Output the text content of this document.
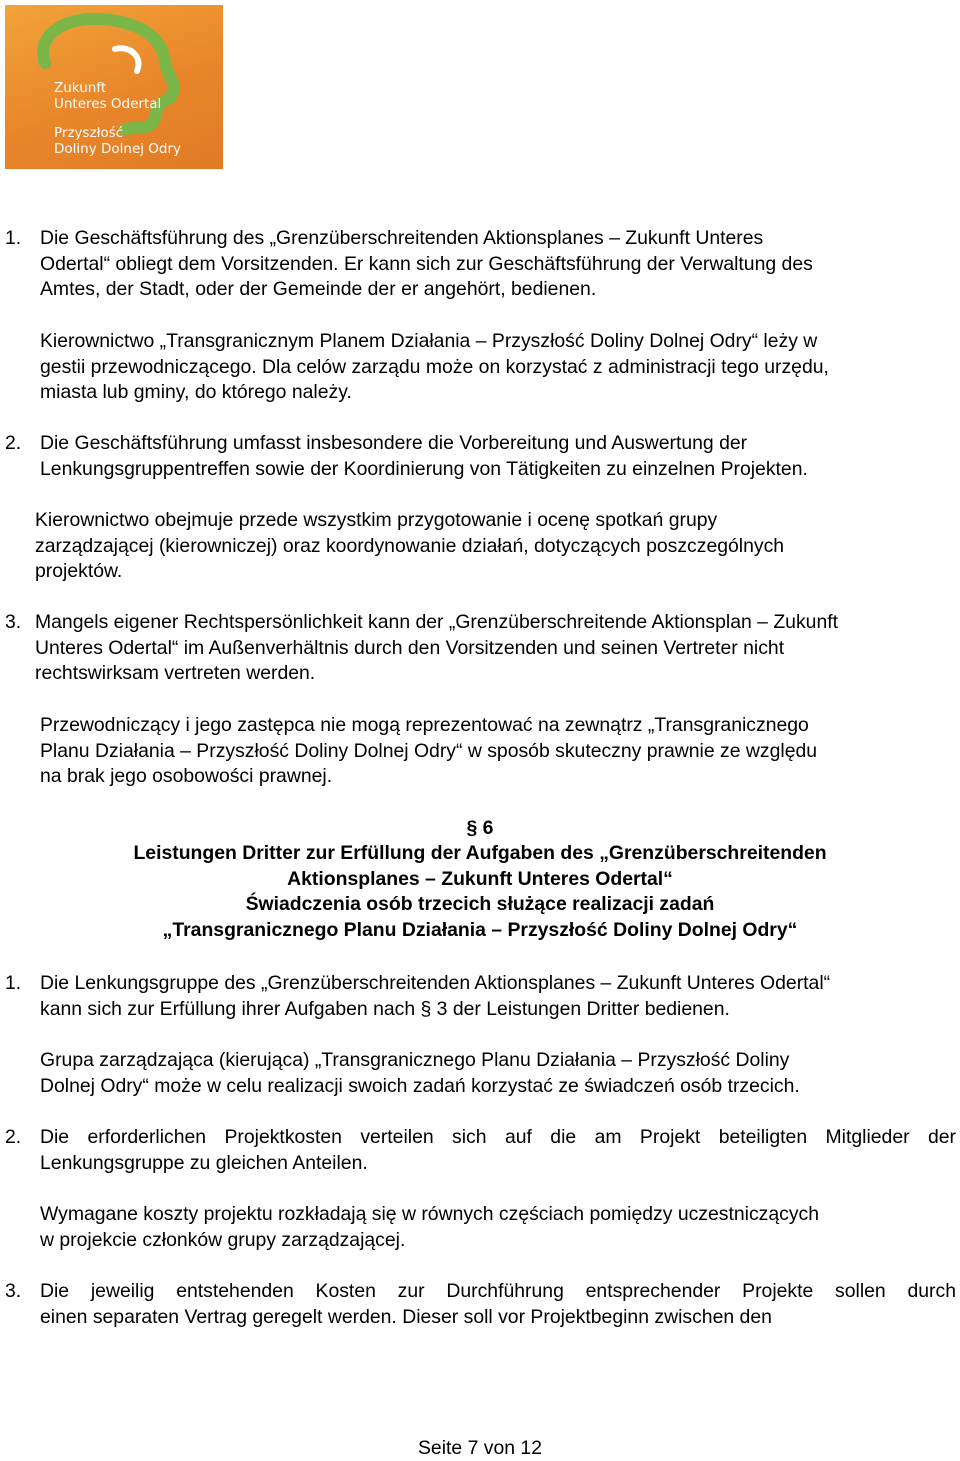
Zukunft
Unteres Odertal
Przyszłość
Doliny Dolnej Odry
1. Die Geschäftsführung des „Grenzüberschreitenden Aktionsplanes – Zukunft Unteres
Odertal“ obliegt dem Vorsitzenden. Er kann sich zur Geschäftsführung der Verwaltung des
Amtes, der Stadt, oder der Gemeinde der er angehört, bedienen.
Kierownictwo „Transgranicznym Planem Działania – Przyszłość Doliny Dolnej Odry“ leży w
gestii przewodniczącego. Dla celów zarządu może on korzystać z administracji tego urzędu,
miasta lub gminy, do którego należy.
2. Die Geschäftsführung umfasst insbesondere die Vorbereitung und Auswertung der
Lenkungsgruppentreffen sowie der Koordinierung von Tätigkeiten zu einzelnen Projekten.
Kierownictwo obejmuje przede wszystkim przygotowanie i ocenę spotkań grupy
zarządzającej (kierowniczej) oraz koordynowanie działań, dotyczących poszczególnych
projektów.
3. Mangels eigener Rechtspersönlichkeit kann der „Grenzüberschreitende Aktionsplan – Zukunft
Unteres Odertal“ im Außenverhältnis durch den Vorsitzenden und seinen Vertreter nicht
rechtswirksam vertreten werden.
Przewodniczący i jego zastępca nie mogą reprezentować na zewnątrz „Transgranicznego
Planu Działania – Przyszłość Doliny Dolnej Odry“ w sposób skuteczny prawnie ze względu
na brak jego osobowości prawnej.
§ 6
Leistungen Dritter zur Erfüllung der Aufgaben des „Grenzüberschreitenden
Aktionsplanes – Zukunft Unteres Odertal“
Świadczenia osób trzecich służące realizacji zadań
„Transgranicznego Planu Działania – Przyszłość Doliny Dolnej Odry“
1. Die Lenkungsgruppe des „Grenzüberschreitenden Aktionsplanes – Zukunft Unteres Odertal“
kann sich zur Erfüllung ihrer Aufgaben nach § 3 der Leistungen Dritter bedienen.
Grupa zarządzająca (kierująca) „Transgranicznego Planu Działania – Przyszłość Doliny
Dolnej Odry“ może w celu realizacji swoich zadań korzystać ze świadczeń osób trzecich.
2. Die erforderlichen Projektkosten verteilen sich auf die am Projekt beteiligten Mitglieder der
Lenkungsgruppe zu gleichen Anteilen.
Wymagane koszty projektu rozkładają się w równych częściach pomiędzy uczestniczących
w projekcie członków grupy zarządzającej.
3. Die jeweilig entstehenden Kosten zur Durchführung entsprechender Projekte sollen durch
einen separaten Vertrag geregelt werden. Dieser soll vor Projektbeginn zwischen den
Seite 7 von 12
